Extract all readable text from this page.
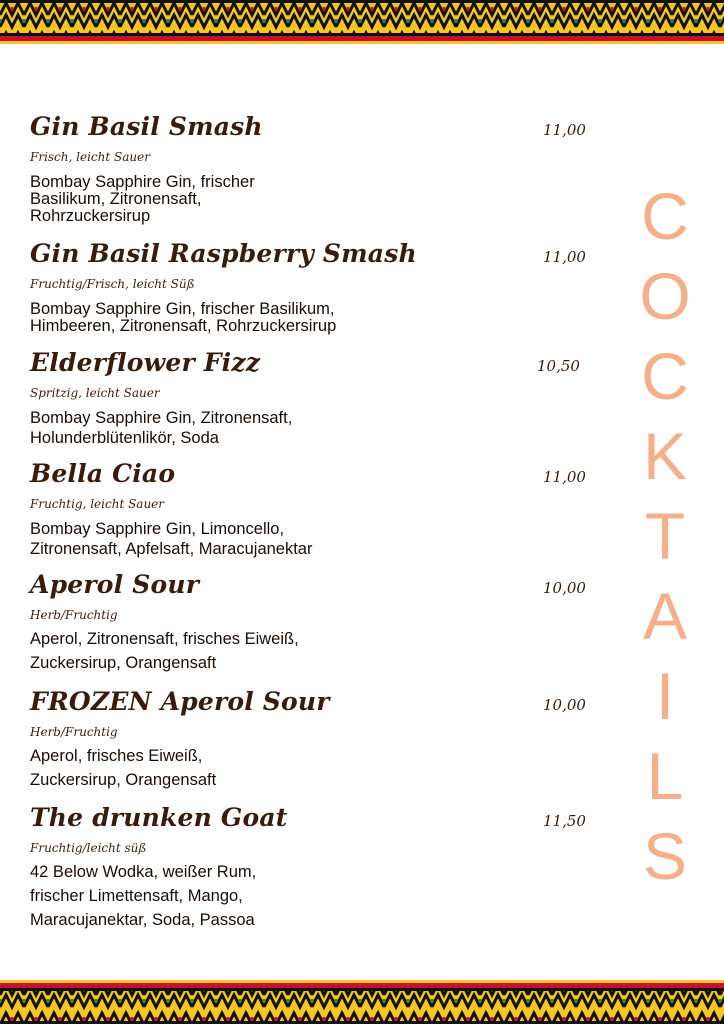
Gin Basil Smash	11,00
Frisch, leicht Sauer
Bombay Sapphire Gin, frischer
Basilikum, Zitronensaft,
Rohrzuckersirup
Gin Basil Raspberry Smash	11,00
Fruchtig/Frisch, leicht Süß
Bombay Sapphire Gin, frischer Basilikum,
Himbeeren, Zitronensaft, Rohrzuckersirup
Elderflower Fizz	10,50
Spritzig, leicht Sauer
Bombay Sapphire Gin, Zitronensaft,
Holunderblütenlikör, Soda
Bella Ciao	11,00
Fruchtig, leicht Sauer
Bombay Sapphire Gin, Limoncello,
Zitronensaft, Apfelsaft, Maracujanektar
Aperol Sour	10,00
Herb/Fruchtig
Aperol, Zitronensaft, frisches Eiweiß,
Zuckersirup, Orangensaft
FROZEN Aperol Sour	10,00
Herb/Fruchtig
Aperol, frisches Eiweiß,
Zuckersirup, Orangensaft
The drunken Goat	11,50
Fruchtig/leicht süß
42 Below Wodka, weißer Rum,
frischer Limettensaft, Mango,
Maracujanektar, Soda, Passoa
C
O
C
K
T
A
I
L
S
